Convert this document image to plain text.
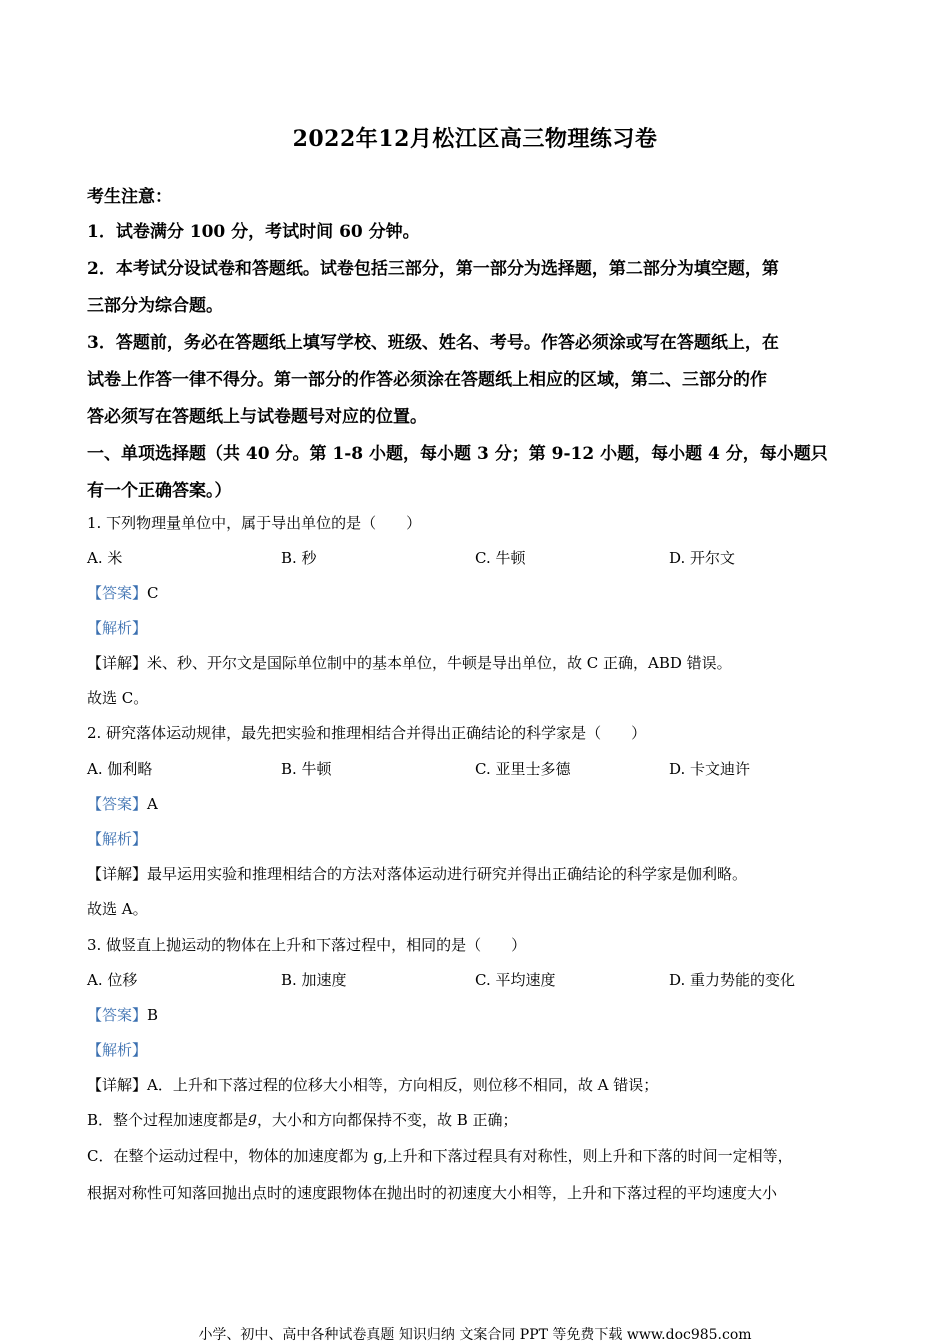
2022年12月松江区高三物理练习卷
考生注意：
1．试卷满分 100 分，考试时间 60 分钟。
2．本考试分设试卷和答题纸。试卷包括三部分，第一部分为选择题，第二部分为填空题，第
三部分为综合题。
3．答题前，务必在答题纸上填写学校、班级、姓名、考号。作答必须涂或写在答题纸上，在
试卷上作答一律不得分。第一部分的作答必须涂在答题纸上相应的区域，第二、三部分的作
答必须写在答题纸上与试卷题号对应的位置。
一、单项选择题（共 40 分。第 1-8 小题，每小题 3 分；第 9-12 小题，每小题 4 分，每小题只
有一个正确答案。）
1. 下列物理量单位中，属于导出单位的是（　　）
A. 米	B. 秒	C. 牛顿	D. 开尔文
【答案】C
【解析】
【详解】米、秒、开尔文是国际单位制中的基本单位，牛顿是导出单位，故 C 正确，ABD 错误。
故选 C。
2. 研究落体运动规律，最先把实验和推理相结合并得出正确结论的科学家是（　　）
A. 伽利略	B. 牛顿	C. 亚里士多德	D. 卡文迪许
【答案】A
【解析】
【详解】最早运用实验和推理相结合的方法对落体运动进行研究并得出正确结论的科学家是伽利略。
故选 A。
3. 做竖直上抛运动的物体在上升和下落过程中，相同的是（　　）
A. 位移	B. 加速度	C. 平均速度	D. 重力势能的变化
【答案】B
【解析】
【详解】A．上升和下落过程的位移大小相等，方向相反，则位移不相同，故 A 错误；
B．整个过程加速度都是g，大小和方向都保持不变，故 B 正确；
C．在整个运动过程中，物体的加速度都为 g,上升和下落过程具有对称性，则上升和下落的时间一定相等，
根据对称性可知落回抛出点时的速度跟物体在抛出时的初速度大小相等，上升和下落过程的平均速度大小
小学、初中、高中各种试卷真题 知识归纳 文案合同 PPT 等免费下载 www.doc985.com
